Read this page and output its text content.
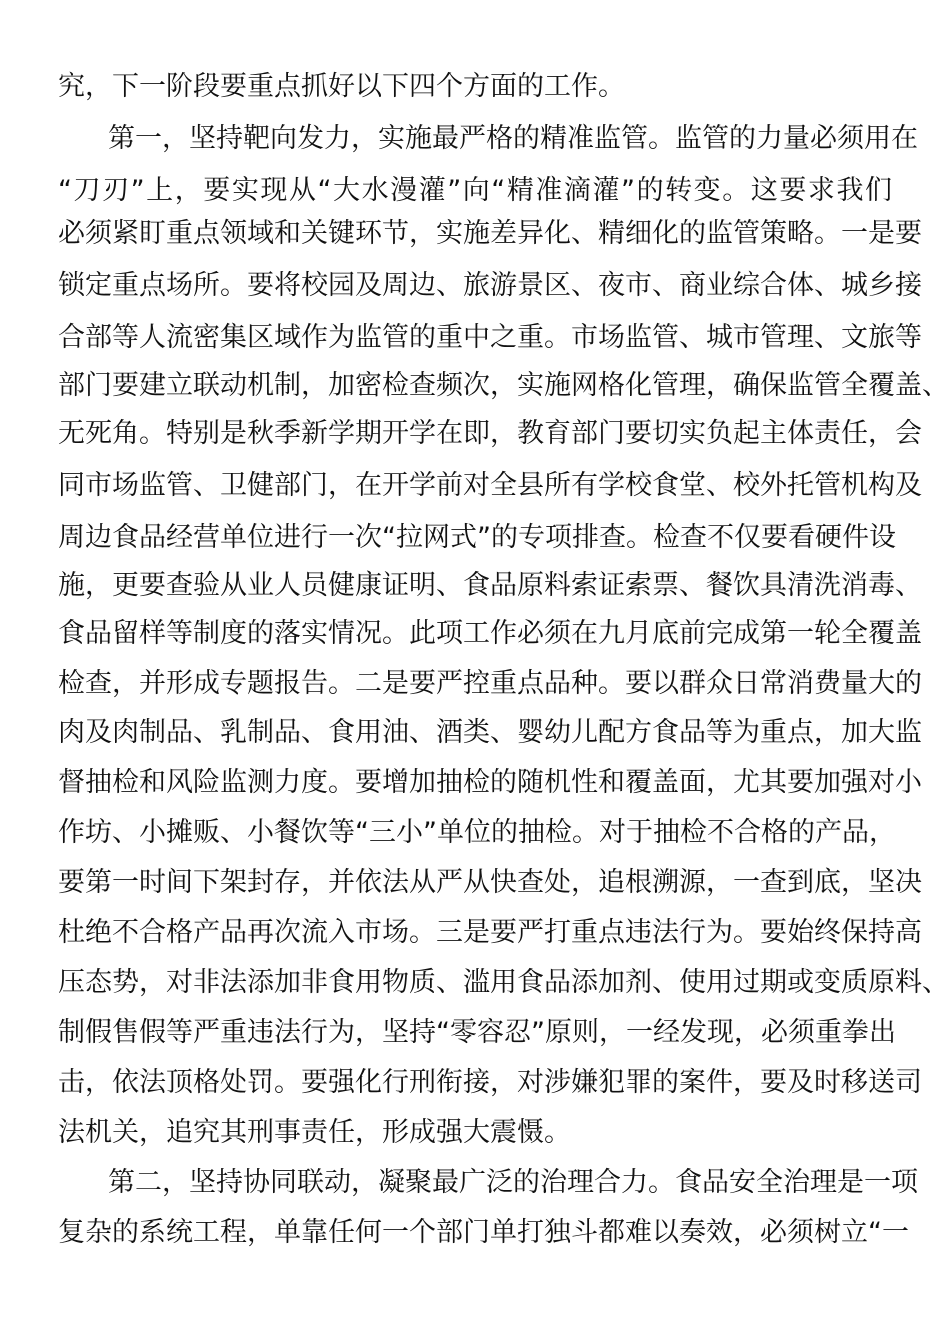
究，下一阶段要重点抓好以下四个方面的工作。
第一，坚持靶向发力，实施最严格的精准监管。监管的力量必须用在
“刀刃”上，要实现从“大水漫灌”向“精准滴灌”的转变。这要求我们
必须紧盯重点领域和关键环节，实施差异化、精细化的监管策略。一是要
锁定重点场所。要将校园及周边、旅游景区、夜市、商业综合体、城乡接
合部等人流密集区域作为监管的重中之重。市场监管、城市管理、文旅等
部门要建立联动机制，加密检查频次，实施网格化管理，确保监管全覆盖、
无死角。特别是秋季新学期开学在即，教育部门要切实负起主体责任，会
同市场监管、卫健部门，在开学前对全县所有学校食堂、校外托管机构及
周边食品经营单位进行一次“拉网式”的专项排查。检查不仅要看硬件设
施，更要查验从业人员健康证明、食品原料索证索票、餐饮具清洗消毒、
食品留样等制度的落实情况。此项工作必须在九月底前完成第一轮全覆盖
检查，并形成专题报告。二是要严控重点品种。要以群众日常消费量大的
肉及肉制品、乳制品、食用油、酒类、婴幼儿配方食品等为重点，加大监
督抽检和风险监测力度。要增加抽检的随机性和覆盖面，尤其要加强对小
作坊、小摊贩、小餐饮等“三小”单位的抽检。对于抽检不合格的产品，
要第一时间下架封存，并依法从严从快查处，追根溯源，一查到底，坚决
杜绝不合格产品再次流入市场。三是要严打重点违法行为。要始终保持高
压态势，对非法添加非食用物质、滥用食品添加剂、使用过期或变质原料、
制假售假等严重违法行为，坚持“零容忍”原则，一经发现，必须重拳出
击，依法顶格处罚。要强化行刑衔接，对涉嫌犯罪的案件，要及时移送司
法机关，追究其刑事责任，形成强大震慑。
第二，坚持协同联动，凝聚最广泛的治理合力。食品安全治理是一项
复杂的系统工程，单靠任何一个部门单打独斗都难以奏效，必须树立“一
